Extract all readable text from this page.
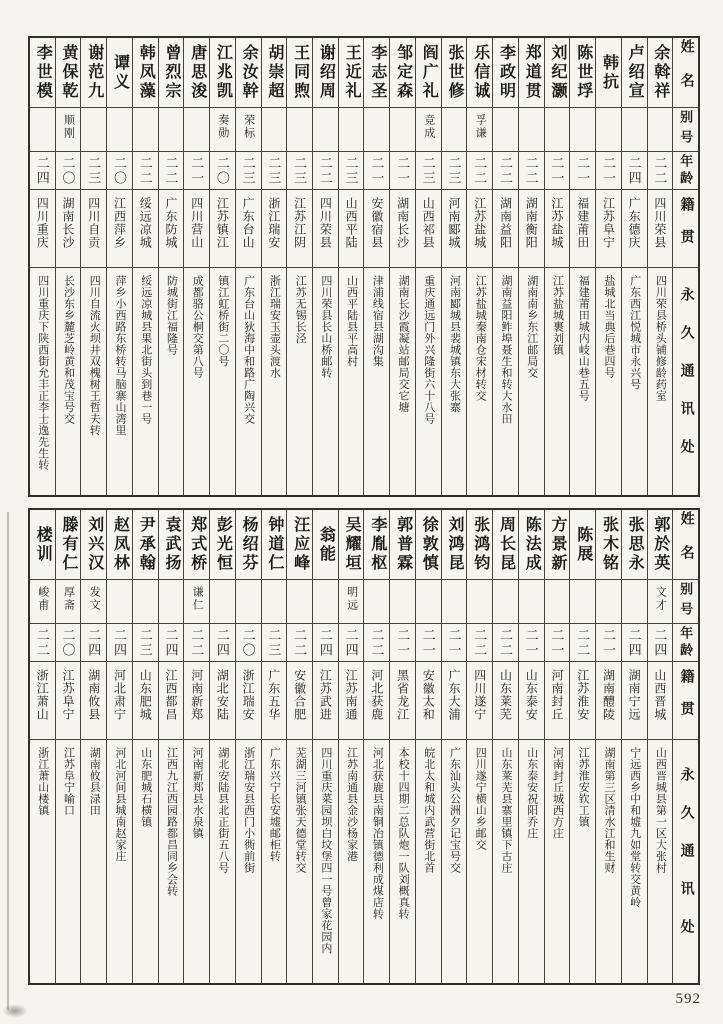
姓名
别号
年龄
籍贯
永久通讯处
余斡祥
二二
四川荣县
四川荣县桥头铺修龄药室
卢绍宣
二四
广东德庆
广东西江悦城市永兴号
韩抗
二一
江苏阜宁
盐城北当典后巷四号
陈世垺
二一
福建莆田
福建莆田城内岐山巷五号
刘纪灏
二一
江苏盐城
江苏盐城裹刘镇
郑道贯
二二
湖南衡阳
湖南南乡东江邮局交
李政明
二二
湖南益阳
湖南益阳鲊埠聂生和转大水田
乐信诚
孚谦
二二
江苏盐城
江苏盐城秦南仓宋材转交
张世修
二三
河南郾城
河南郾城县裴城镇东大张寨
阎广礼
竞成
二三
山西祁县
重庆通远门外兴隆街六十八号
邹定森
二一
湖南长沙
湖南长沙霞凝站邮局交它塘
李志圣
二一
安徽宿县
津浦线宿县湖沟集
王近礼
二三
山西平陆
山西平陆县平高村
谢绍周
二二
四川荣县
四川荣县长山桥邮转
王同煦
二三
江苏江阴
江苏无锡长泾
胡崇超
二三
浙江瑞安
浙江瑞安玉壶头渡水
余汝幹
荣标
二三
广东台山
广东台山狄海中和路广陶兴交
江兆凯
奏勋
二〇
江苏镇江
镇江虹桥街二〇号
唐思浚
二一
四川营山
成都骆公桐交第八号
曾烈宗
二二
广东防城
防城街江福隆号
韩凤藻
二二
绥远凉城
绥远凉城县果北街头到巷一号
谭义
二〇
江西萍乡
萍乡小西路东桥转马脑寨山湾里
谢范九
二三
四川自贡
四川自流火坝井双槐树王哲夫转
黄保乾
顺刚
二〇
湖南长沙
长沙东乡麓芝岭黄和茂宝号交
李世模
二四
四川重庆
四川重庆下陕西街允丰正李士逸先生转
姓名
别号
年龄
籍贯
永久通讯处
郭於英
文才
二四
山西晋城
山西晋城县第一区大张村
张思永
二四
湖南宁远
宁远西乡中和墟九如堂转交黄岭
张木铭
二一
湖南醴陵
湖南第三区清水江和生财
陈展
二二
江苏淮安
江苏淮安钦工镇
方景新
二一
河南封丘
河南封丘城西方庄
陈法成
二一
山东泰安
山东泰安祝阳乔庄
周长昆
二二
山东莱芜
山东莱芜县寨里镇下古庄
张鸿钧
二二
四川遂宁
四川遂宁横山乡邮交
刘鸿昆
二一
广东大浦
广东汕头公洲夕记宝号交
徐敦慎
二一
安徽太和
皖北太和城内武营街北首
郭普霖
二一
黑省龙江
本校十四期二总队炮一队刘概真转
李胤枢
二二
河北获鹿
河北获鹿县南铜冶镇德利成煤店转
吴耀垣
明远
二四
江苏南通
江苏南通县金沙杨家港
翁能
二四
江苏武进
四川重庆菜园坝白坟堡四一号曾家花园内
汪应峰
二二
安徽合肥
芜湖三河镇张天德堂转交
钟道仁
二三
广东五华
广东兴宁长安墟邮柜转
杨绍芬
二〇
浙江瑞安
浙江瑞安县西门小衖前街
彭光恒
二四
湖北安陆
湖北安陆县北正街五八号
郑式桥
谦仁
二二
河南新郑
河南新郑县水泉镇
袁武扬
二四
江西都昌
江西九江西园路都昌同乡会转
尹承翰
二三
山东肥城
山东肥城石横镇
赵凤林
二四
河北肃宁
河北河间县城南赵家庄
刘兴汉
发文
二四
湖南攸县
湖南攸县渌田
滕有仁
厚斋
二〇
江苏阜宁
江苏阜宁喻口
楼训
峻甫
二二
浙江萧山
浙江萧山楼镇
592
